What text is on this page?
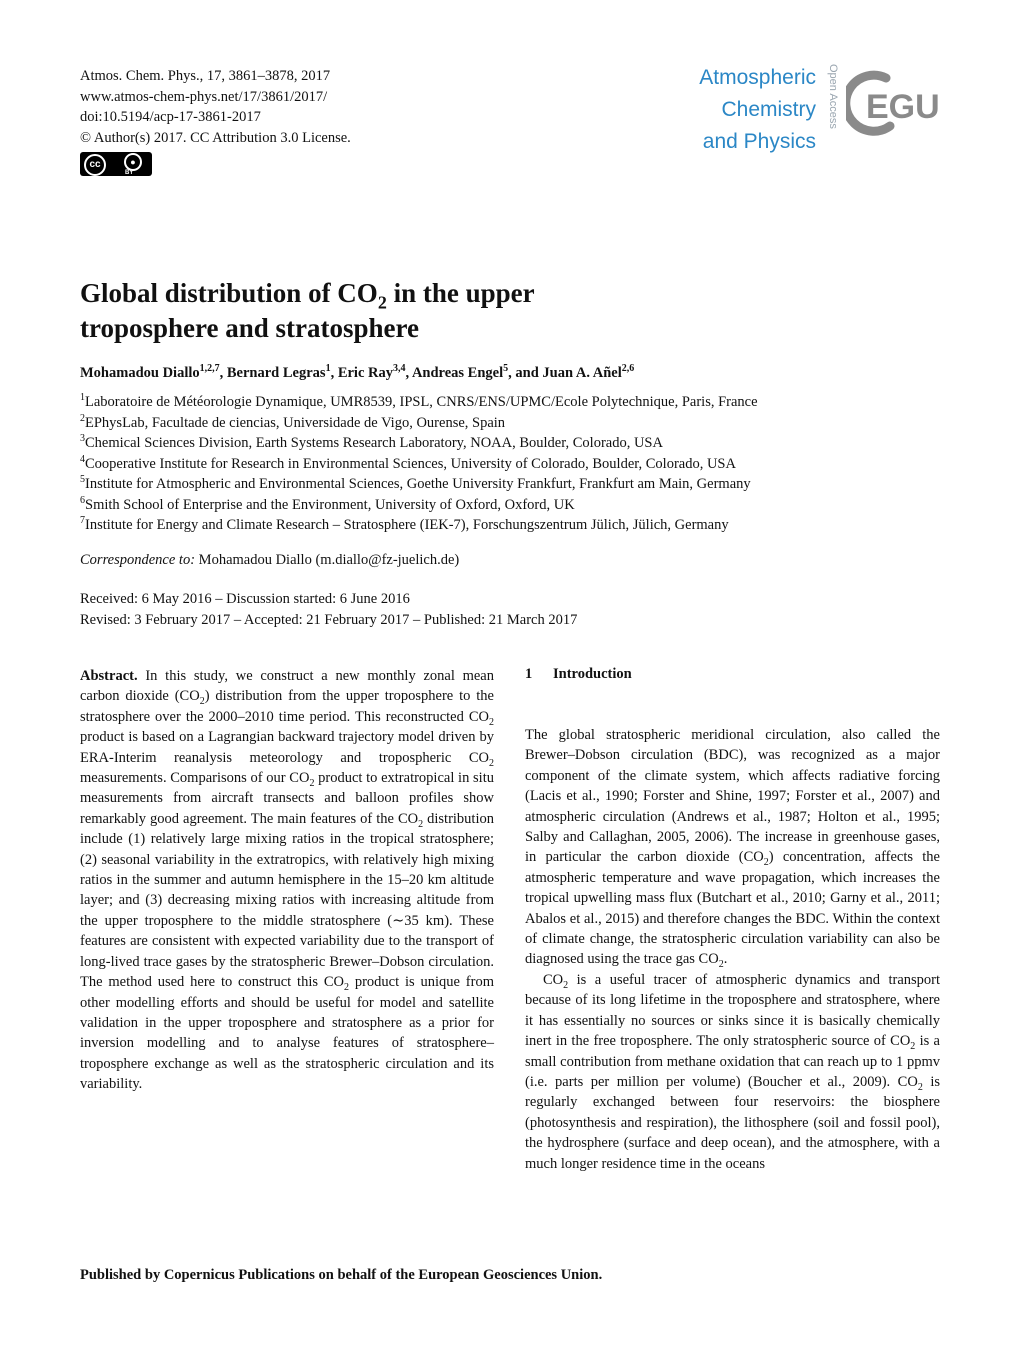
Atmos. Chem. Phys., 17, 3861–3878, 2017
www.atmos-chem-phys.net/17/3861/2017/
doi:10.5194/acp-17-3861-2017
© Author(s) 2017. CC Attribution 3.0 License.
cc	●
BY
Atmospheric
Chemistry
and Physics
Open Access EGU
Global distribution of $CO_2$ in the upper
troposphere and stratosphere
Mohamadou Diallo$^{1,2,7}$, Bernard Legras$^1$, Eric Ray$^{3,4}$, Andreas Engel$^5$, and Juan A. Añel$^{2,6}$
$^1$Laboratoire de Météorologie Dynamique, UMR8539, IPSL, CNRS/ENS/UPMC/Ecole Polytechnique, Paris, France
$^2$EPhysLab, Facultade de ciencias, Universidade de Vigo, Ourense, Spain
$^3$Chemical Sciences Division, Earth Systems Research Laboratory, NOAA, Boulder, Colorado, USA
$^4$Cooperative Institute for Research in Environmental Sciences, University of Colorado, Boulder, Colorado, USA
$^5$Institute for Atmospheric and Environmental Sciences, Goethe University Frankfurt, Frankfurt am Main, Germany
$^6$Smith School of Enterprise and the Environment, University of Oxford, Oxford, UK
$^7$Institute for Energy and Climate Research – Stratosphere (IEK-7), Forschungszentrum Jülich, Jülich, Germany
Correspondence to: Mohamadou Diallo (m.diallo@fz-juelich.de)
Received: 6 May 2016 – Discussion started: 6 June 2016
Revised: 3 February 2017 – Accepted: 21 February 2017 – Published: 21 March 2017

Abstract. In this study, we construct a new monthly zonal mean carbon dioxide $(CO_2)$ distribution from the upper troposphere to the stratosphere over the 2000–2010 time period. This reconstructed $CO_2$ product is based on a Lagrangian backward trajectory model driven by ERA-Interim reanalysis meteorology and tropospheric $CO_2$ measurements. Comparisons of our $CO_2$ product to extratropical in situ measurements from aircraft transects and balloon profiles show remarkably good agreement. The main features of the $CO_2$ distribution include (1) relatively large mixing ratios in the tropical stratosphere; (2) seasonal variability in the extratropics, with relatively high mixing ratios in the summer and autumn hemisphere in the 15–20 km altitude layer; and (3) decreasing mixing ratios with increasing altitude from the upper troposphere to the middle stratosphere (∼35 km). These features are consistent with expected variability due to the transport of long-lived trace gases by the stratospheric Brewer–Dobson circulation. The method used here to construct this $CO_2$ product is unique from other modelling efforts and should be useful for model and satellite validation in the upper troposphere and stratosphere as a prior for inversion modelling and to analyse features of stratosphere–troposphere exchange as well as the stratospheric circulation and its variability.

1 Introduction

The global stratospheric meridional circulation, also called the Brewer–Dobson circulation (BDC), was recognized as a major component of the climate system, which affects radiative forcing (Lacis et al., 1990; Forster and Shine, 1997; Forster et al., 2007) and atmospheric circulation (Andrews et al., 1987; Holton et al., 1995; Salby and Callaghan, 2005, 2006). The increase in greenhouse gases, in particular the carbon dioxide $(CO_2)$ concentration, affects the atmospheric temperature and wave propagation, which increases the tropical upwelling mass flux (Butchart et al., 2010; Garny et al., 2011; Abalos et al., 2015) and therefore changes the BDC. Within the context of climate change, the stratospheric circulation variability can also be diagnosed using the trace gas $CO_2$.

$CO_2$ is a useful tracer of atmospheric dynamics and transport because of its long lifetime in the troposphere and stratosphere, where it has essentially no sources or sinks since it is basically chemically inert in the free troposphere. The only stratospheric source of $CO_2$ is a small contribution from methane oxidation that can reach up to 1 ppmv (i.e. parts per million per volume) (Boucher et al., 2009). $CO_2$ is regularly exchanged between four reservoirs: the biosphere (photosynthesis and respiration), the lithosphere (soil and fossil pool), the hydrosphere (surface and deep ocean), and the atmosphere, with a much longer residence time in the oceans

Published by Copernicus Publications on behalf of the European Geosciences Union.
